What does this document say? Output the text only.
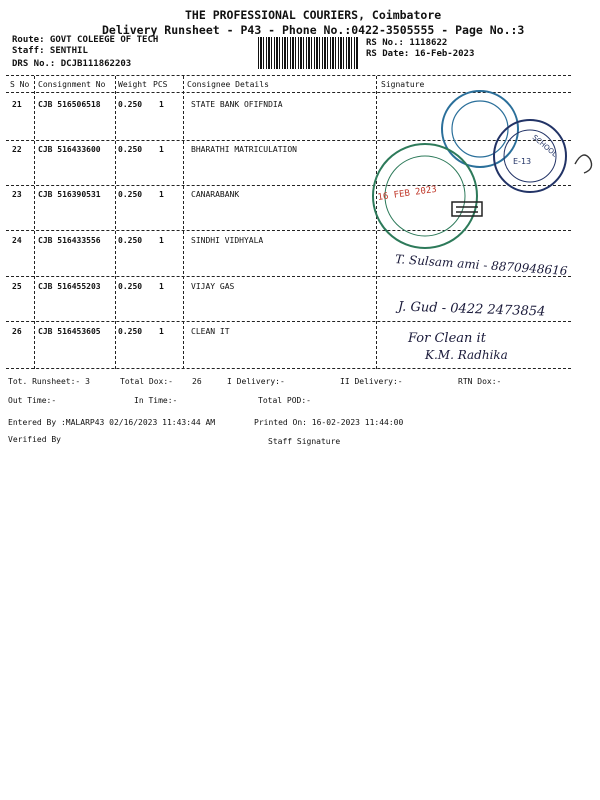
THE PROFESSIONAL COURIERS, Coimbatore
Delivery Runsheet - P43 - Phone No.:0422-3505555 - Page No.:3
Route: GOVT COLEEGE OF TECH
Staff: SENTHIL
DRS No.: DCJB111862203
RS No.: 1118622
RS Date: 16-Feb-2023
S No Consignment No Weight PCS Consignee Details	Signature
21 CJB 516506518 0.250 1	STATE BANK OFIFNDIA
22 CJB 516433600 0.250 1	BHARATHI MATRICULATION
23 CJB 516390531 0.250 1	CANARABANK
24 CJB 516433556 0.250 1	SINDHI VIDHYALA
25 CJB 516455203 0.250 1	VIJAY GAS
26 CJB 516453605 0.250 1	CLEAN IT
16 FEB 2023
E-13
SCHOOL
T. Sulsam ami - 8870948616
J. Gud - 0422 2473854
For Clean it
K.M. Radhika
Tot. Runsheet:- 3	Total Dox:- 26	I Delivery:-	II Delivery:-	RTN Dox:-
Out Time:-	In Time:-	Total POD:-
Entered By :MALARP43 02/16/2023 11:43:44 AM	Printed On: 16-02-2023 11:44:00
Verified By	Staff Signature
